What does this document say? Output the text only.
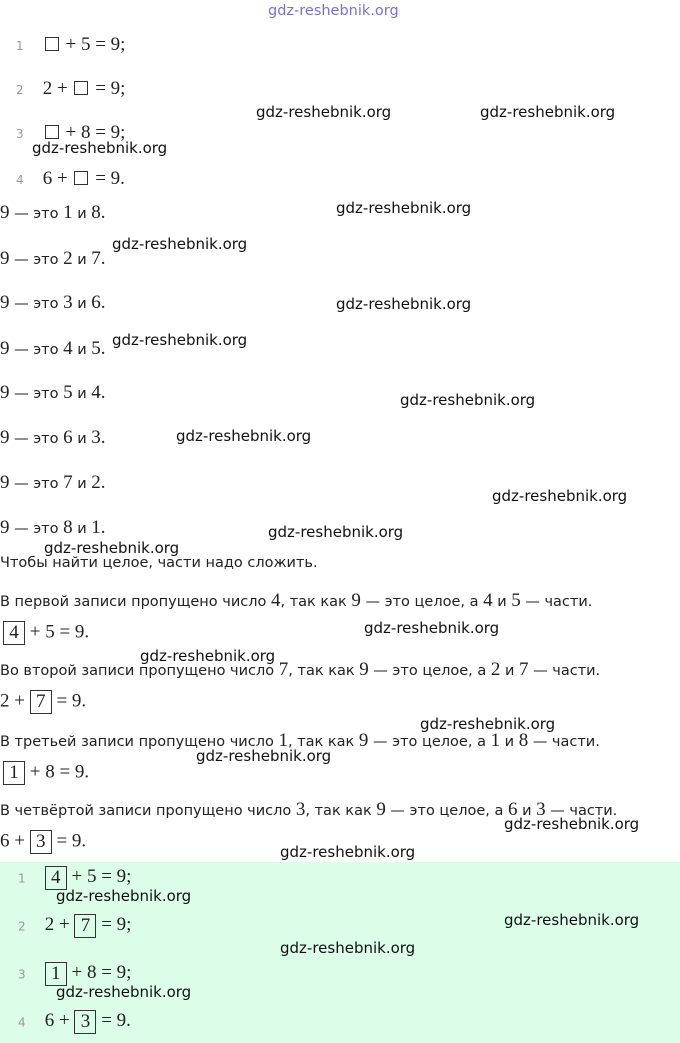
gdz-reshebnik.org
1 + 5 = 9;
2 2 + = 9;
3 + 8 = 9;
4 6 + = 9.
9 — это 1 и 8.
9 — это 2 и 7.
9 — это 3 и 6.
9 — это 4 и 5.
9 — это 5 и 4.
9 — это 6 и 3.
9 — это 7 и 2.
9 — это 8 и 1.
Чтобы найти целое, части надо сложить.
В первой записи пропущено число 4, так как 9 — это целое, а 4 и 5 — части.
4 + 5 = 9.
Во второй записи пропущено число 7, так как 9 — это целое, а 2 и 7 — части.
2 + 7 = 9.
В третьей записи пропущено число 1, так как 9 — это целое, а 1 и 8 — части.
1 + 8 = 9.
В четвёртой записи пропущено число 3, так как 9 — это целое, а 6 и 3 — части.
6 + 3 = 9.
1 4 + 5 = 9;
2 2 + 7 = 9;
3 1 + 8 = 9;
4 6 + 3 = 9.
gdz-reshebnik.org	gdz-reshebnik.org
gdz-reshebnik.org
gdz-reshebnik.org
gdz-reshebnik.org
gdz-reshebnik.org
gdz-reshebnik.org
gdz-reshebnik.org
gdz-reshebnik.org
gdz-reshebnik.org
gdz-reshebnik.org
gdz-reshebnik.org
gdz-reshebnik.org
gdz-reshebnik.org
gdz-reshebnik.org
gdz-reshebnik.org
gdz-reshebnik.org
gdz-reshebnik.org
gdz-reshebnik.org
gdz-reshebnik.org
gdz-reshebnik.org
gdz-reshebnik.org
